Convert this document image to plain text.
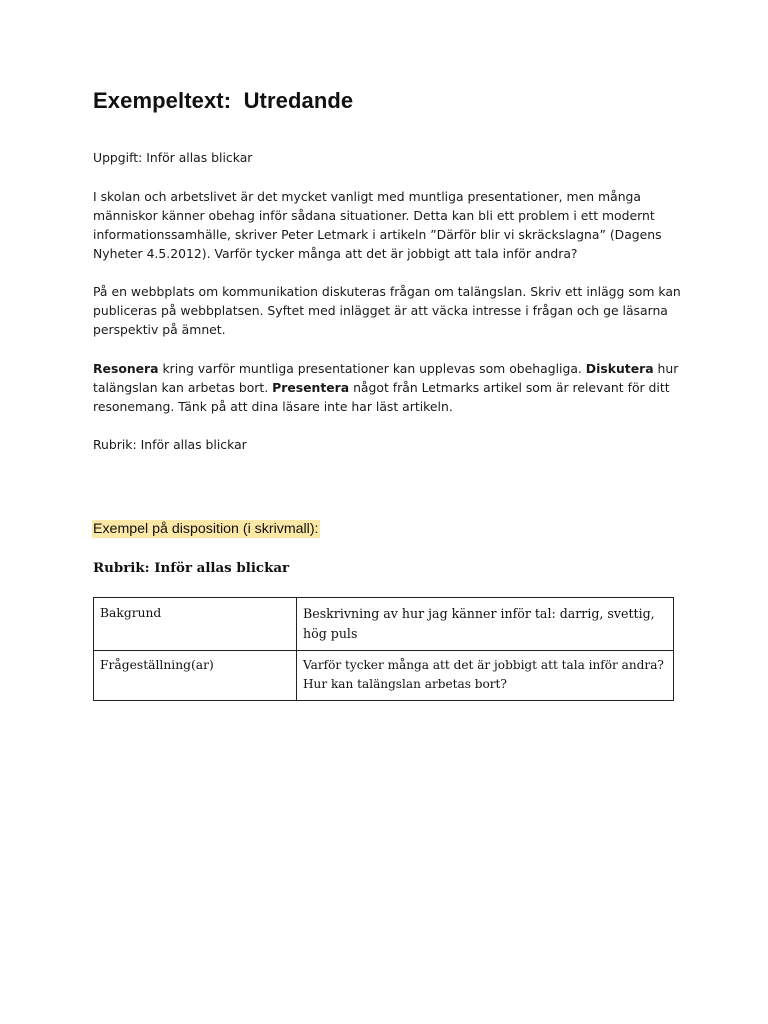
Exempeltext:  Utredande

Uppgift: Inför allas blickar

I skolan och arbetslivet är det mycket vanligt med muntliga presentationer, men många människor känner obehag inför sådana situationer. Detta kan bli ett problem i ett modernt informationssamhälle, skriver Peter Letmark i artikeln ”Därför blir vi skräckslagna” (Dagens Nyheter 4.5.2012). Varför tycker många att det är jobbigt att tala inför andra?

På en webbplats om kommunikation diskuteras frågan om talängslan. Skriv ett inlägg som kan publiceras på webbplatsen. Syftet med inlägget är att väcka intresse i frågan och ge läsarna perspektiv på ämnet.

Resonera kring varför muntliga presentationer kan upplevas som obehagliga. Diskutera hur talängslan kan arbetas bort. Presentera något från Letmarks artikel som är relevant för ditt resonemang. Tänk på att dina läsare inte har läst artikeln.

Rubrik: Inför allas blickar

Exempel på disposition (i skrivmall):

Rubrik: Inför allas blickar

Bakgrund	Beskrivning av hur jag känner inför tal: darrig, svettig, hög puls
Frågeställning(ar)	Varför tycker många att det är jobbigt att tala inför andra?
Hur kan talängslan arbetas bort?
